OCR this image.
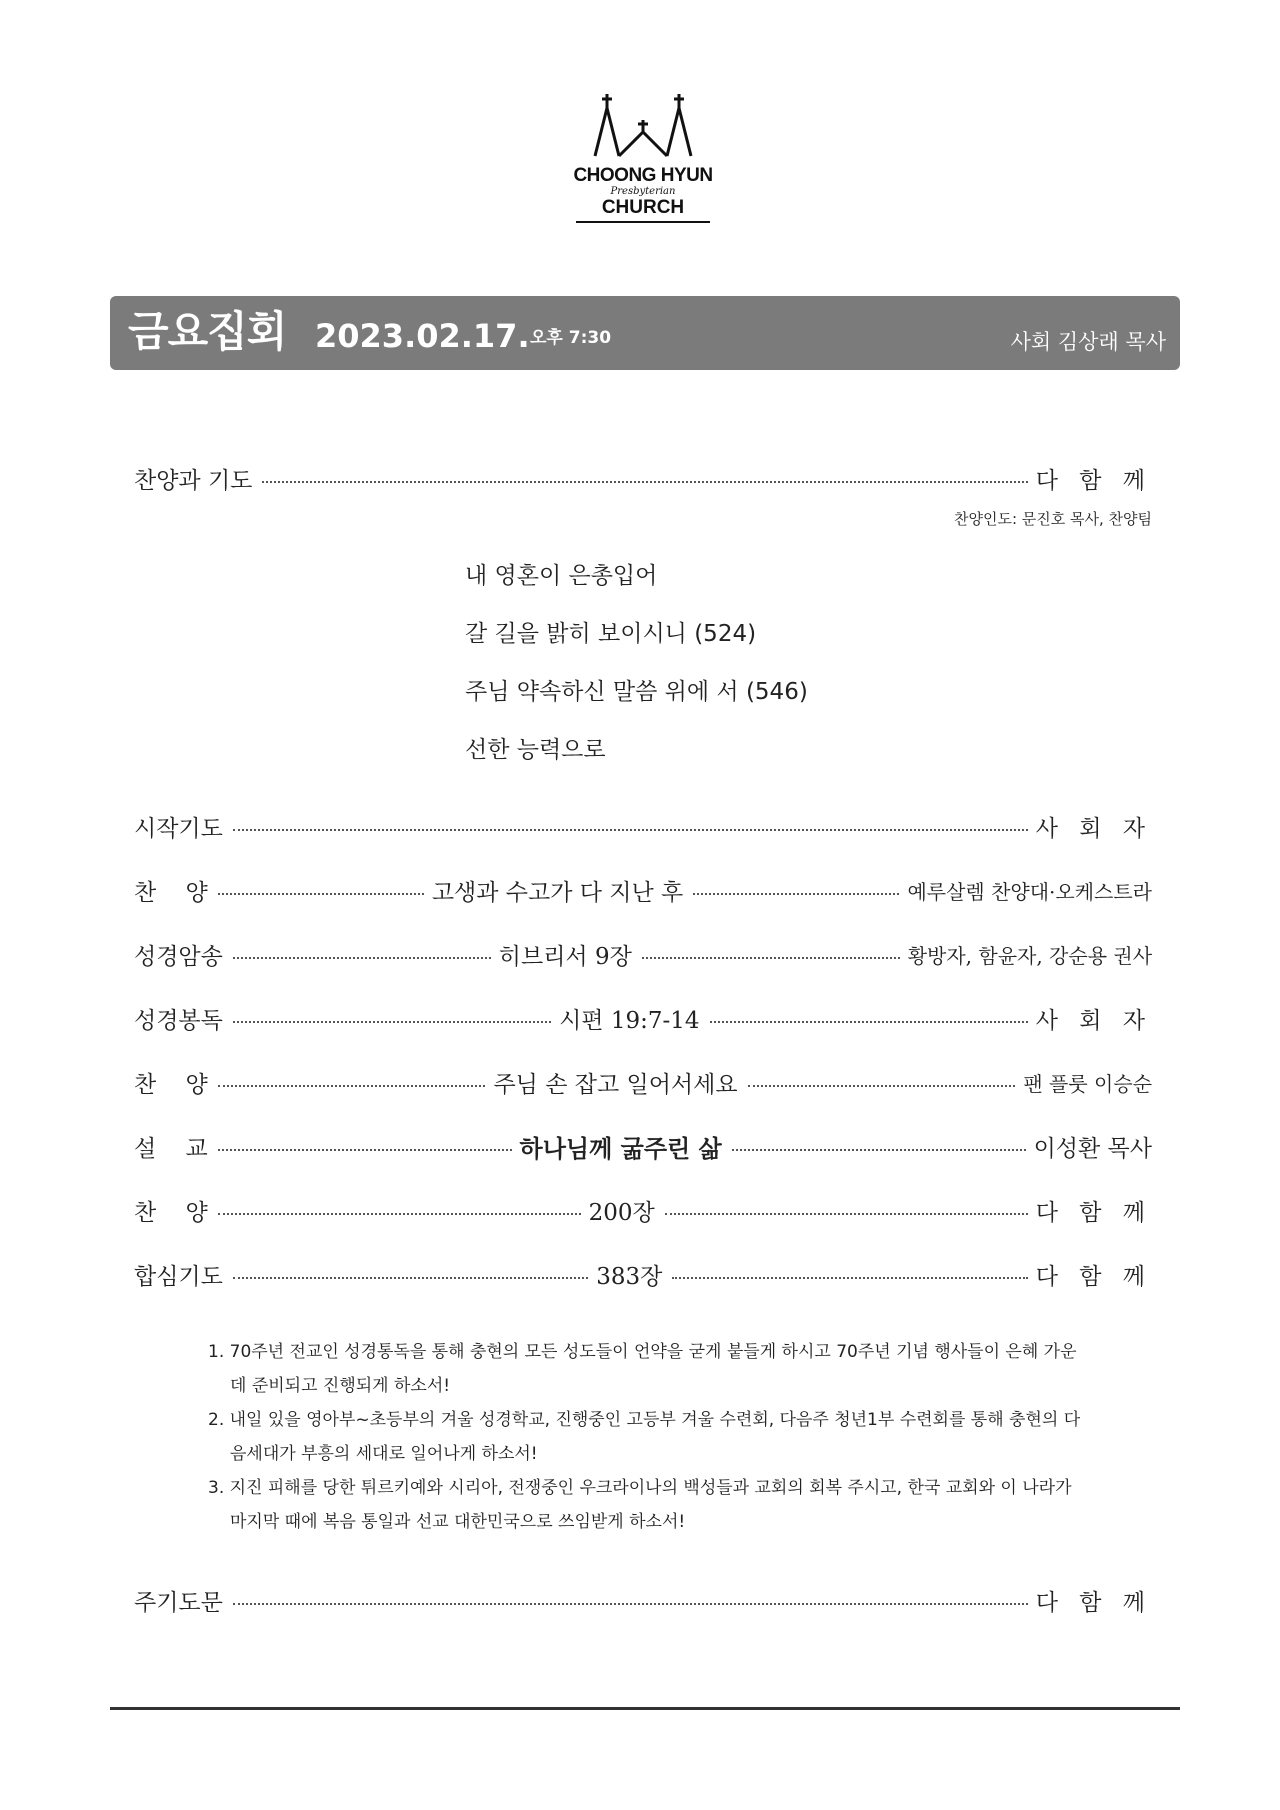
CHOONG HYUN
Presbyterian
CHURCH
금요집회 2023.02.17. 오후 7:30	사회 김상래 목사
찬양과 기도	다 함 께
찬양인도: 문진호 목사, 찬양팀
내 영혼이 은총입어
갈 길을 밝히 보이시니 (524)
주님 약속하신 말씀 위에 서 (546)
선한 능력으로
시작기도	사 회 자
찬    양	고생과 수고가 다 지난 후	예루살렘 찬양대·오케스트라
성경암송	히브리서 9장	황방자, 함윤자, 강순용 권사
성경봉독	시편 19:7-14	사 회 자
찬    양	주님 손 잡고 일어서세요	팬 플룻 이승순
설    교	하나님께 굶주린 삶	이성환 목사
찬    양	200장	다 함 께
합심기도	383장	다 함 께
1. 70주년 전교인 성경통독을 통해 충현의 모든 성도들이 언약을 굳게 붙들게 하시고 70주년 기념 행사들이 은혜 가운데 준비되고 진행되게 하소서!
2. 내일 있을 영아부~초등부의 겨울 성경학교, 진행중인 고등부 겨울 수련회, 다음주 청년1부 수련회를 통해 충현의 다음세대가 부흥의 세대로 일어나게 하소서!
3. 지진 피해를 당한 튀르키예와 시리아, 전쟁중인 우크라이나의 백성들과 교회의 회복 주시고, 한국 교회와 이 나라가 마지막 때에 복음 통일과 선교 대한민국으로 쓰임받게 하소서!
주기도문	다 함 께
